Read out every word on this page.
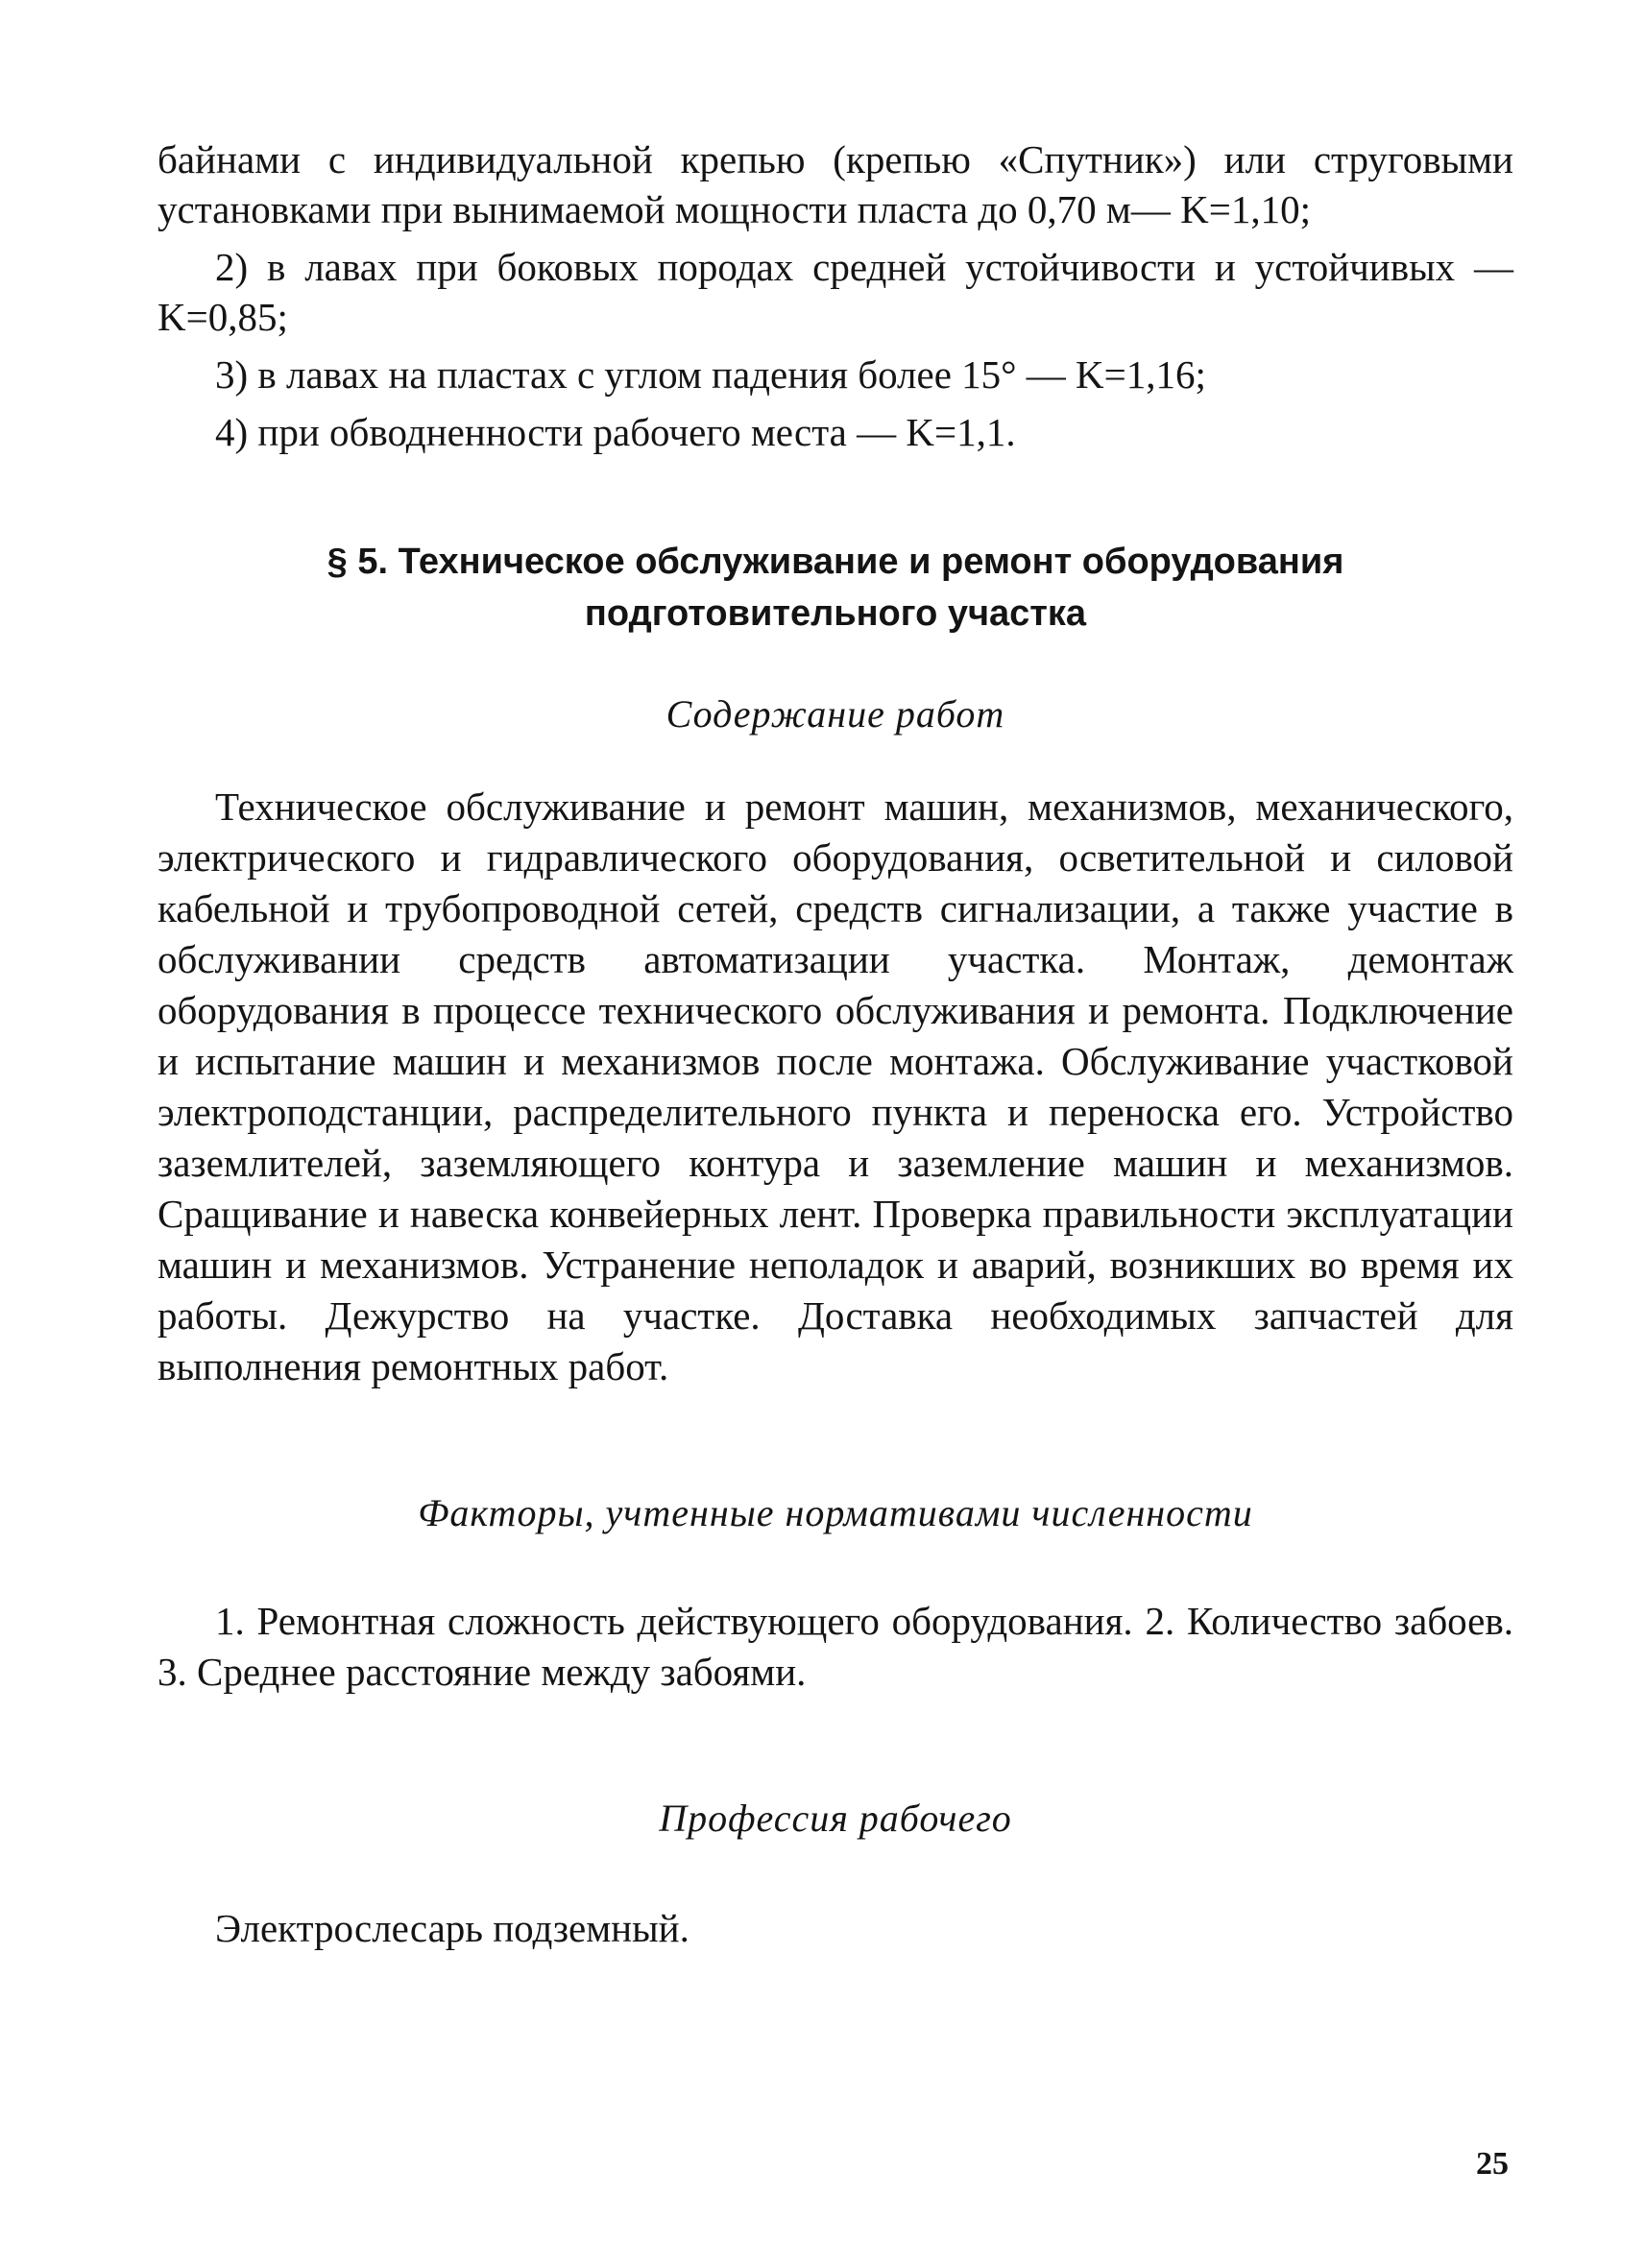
байнами с индивидуальной крепью (крепью «Спутник») или струговыми установками при вынимаемой мощности пласта до 0,70 м— K=1,10;

2) в лавах при боковых породах средней устойчивости и устойчивых — K=0,85;

3) в лавах на пластах с углом падения более 15° — K=1,16;

4) при обводненности рабочего места — K=1,1.

§ 5. Техническое обслуживание и ремонт оборудования
подготовительного участка

Содержание работ

Техническое обслуживание и ремонт машин, механизмов, механического, электрического и гидравлического оборудования, осветительной и силовой кабельной и трубопроводной сетей, средств сигнализации, а также участие в обслуживании средств автоматизации участка. Монтаж, демонтаж оборудования в процессе технического обслуживания и ремонта. Подключение и испытание машин и механизмов после монтажа. Обслуживание участковой электроподстанции, распределительного пункта и переноска его. Устройство заземлителей, заземляющего контура и заземление машин и механизмов. Сращивание и навеска конвейерных лент. Проверка правильности эксплуатации машин и механизмов. Устранение неполадок и аварий, возникших во время их работы. Дежурство на участке. Доставка необходимых запчастей для выполнения ремонтных работ.

Факторы, учтенные нормативами численности

1. Ремонтная сложность действующего оборудования. 2. Количество забоев. 3. Среднее расстояние между забоями.

Профессия рабочего

Электрослесарь подземный.

25
